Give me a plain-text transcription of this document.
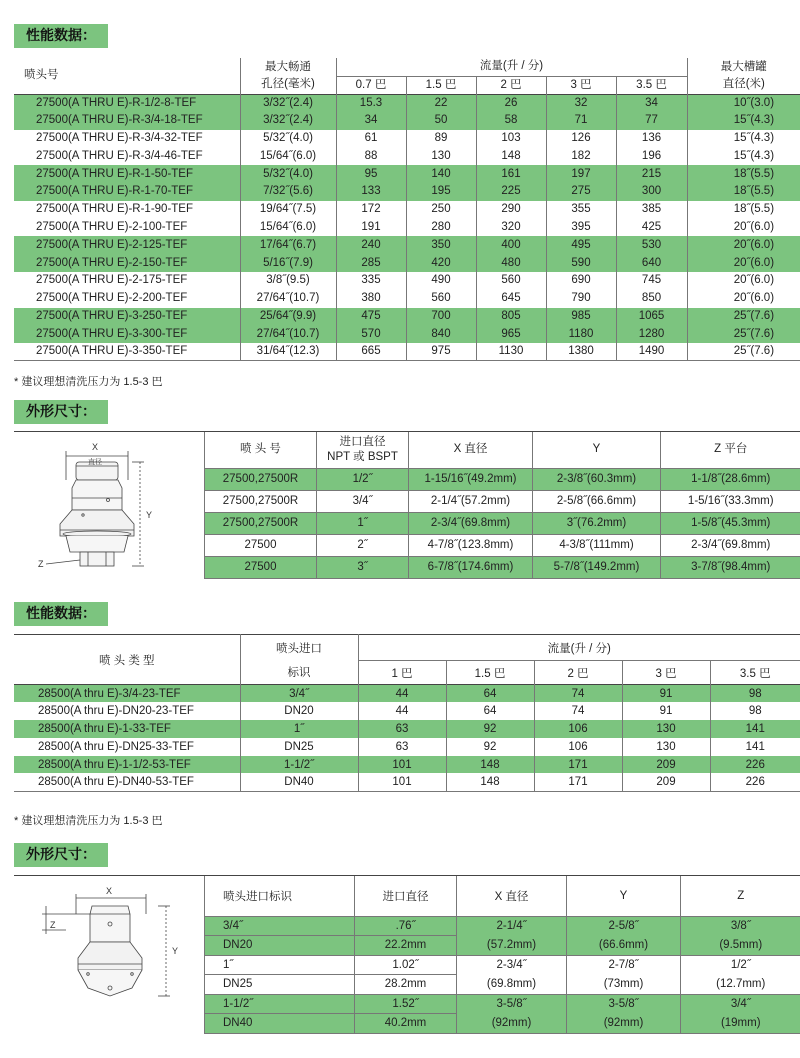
性能数据：
喷头号	最大畅通	流量(升 / 分)					最大槽罐
	孔径(毫米)	0.7 巴	1.5 巴	2 巴	3 巴	3.5 巴	直径(米)
27500(A THRU E)-R-1/2-8-TEF	3/32˝(2.4)	15.3	22	26	32	34	10˝(3.0)
27500(A THRU E)-R-3/4-18-TEF	3/32˝(2.4)	34	50	58	71	77	15˝(4.3)
27500(A THRU E)-R-3/4-32-TEF	5/32˝(4.0)	61	89	103	126	136	15˝(4.3)
27500(A THRU E)-R-3/4-46-TEF	15/64˝(6.0)	88	130	148	182	196	15˝(4.3)
27500(A THRU E)-R-1-50-TEF	5/32˝(4.0)	95	140	161	197	215	18˝(5.5)
27500(A THRU E)-R-1-70-TEF	7/32˝(5.6)	133	195	225	275	300	18˝(5.5)
27500(A THRU E)-R-1-90-TEF	19/64˝(7.5)	172	250	290	355	385	18˝(5.5)
27500(A THRU E)-2-100-TEF	15/64˝(6.0)	191	280	320	395	425	20˝(6.0)
27500(A THRU E)-2-125-TEF	17/64˝(6.7)	240	350	400	495	530	20˝(6.0)
27500(A THRU E)-2-150-TEF	5/16˝(7.9)	285	420	480	590	640	20˝(6.0)
27500(A THRU E)-2-175-TEF	3/8˝(9.5)	335	490	560	690	745	20˝(6.0)
27500(A THRU E)-2-200-TEF	27/64˝(10.7)	380	560	645	790	850	20˝(6.0)
27500(A THRU E)-3-250-TEF	25/64˝(9.9)	475	700	805	985	1065	25˝(7.6)
27500(A THRU E)-3-300-TEF	27/64˝(10.7)	570	840	965	1180	1280	25˝(7.6)
27500(A THRU E)-3-350-TEF	31/64˝(12.3)	665	975	1130	1380	1490	25˝(7.6)
* 建议理想清洗压力为 1.5-3 巴
外形尺寸：
X
直径
Y
Z
喷 头 号	进口直径
NPT 或 BSPT	X 直径	Y	Z 平台
27500,27500R	1/2˝	1-15/16˝(49.2mm)	2-3/8˝(60.3mm)	1-1/8˝(28.6mm)
27500,27500R	3/4˝	2-1/4˝(57.2mm)	2-5/8˝(66.6mm)	1-5/16˝(33.3mm)
27500,27500R	1˝	2-3/4˝(69.8mm)	3˝(76.2mm)	1-5/8˝(45.3mm)
27500	2˝	4-7/8˝(123.8mm)	4-3/8˝(111mm)	2-3/4˝(69.8mm)
27500	3˝	6-7/8˝(174.6mm)	5-7/8˝(149.2mm)	3-7/8˝(98.4mm)
性能数据：
喷 头 类 型	喷头进口	流量(升 / 分)				
	标识	1 巴	1.5 巴	2 巴	3 巴	3.5 巴
28500(A thru E)-3/4-23-TEF	3/4˝	44	64	74	91	98
28500(A thru E)-DN20-23-TEF	DN20	44	64	74	91	98
28500(A thru E)-1-33-TEF	1˝	63	92	106	130	141
28500(A thru E)-DN25-33-TEF	DN25	63	92	106	130	141
28500(A thru E)-1-1/2-53-TEF	1-1/2˝	101	148	171	209	226
28500(A thru E)-DN40-53-TEF	DN40	101	148	171	209	226
* 建议理想清洗压力为 1.5-3 巴
外形尺寸：
X
Y
Z
喷头进口标识	进口直径	X 直径	Y	Z
3/4˝	.76˝	2-1/4˝	2-5/8˝	3/8˝
DN20	22.2mm	(57.2mm)	(66.6mm)	(9.5mm)
1˝	1.02˝	2-3/4˝	2-7/8˝	1/2˝
DN25	28.2mm	(69.8mm)	(73mm)	(12.7mm)
1-1/2˝	1.52˝	3-5/8˝	3-5/8˝	3/4˝
DN40	40.2mm	(92mm)	(92mm)	(19mm)
